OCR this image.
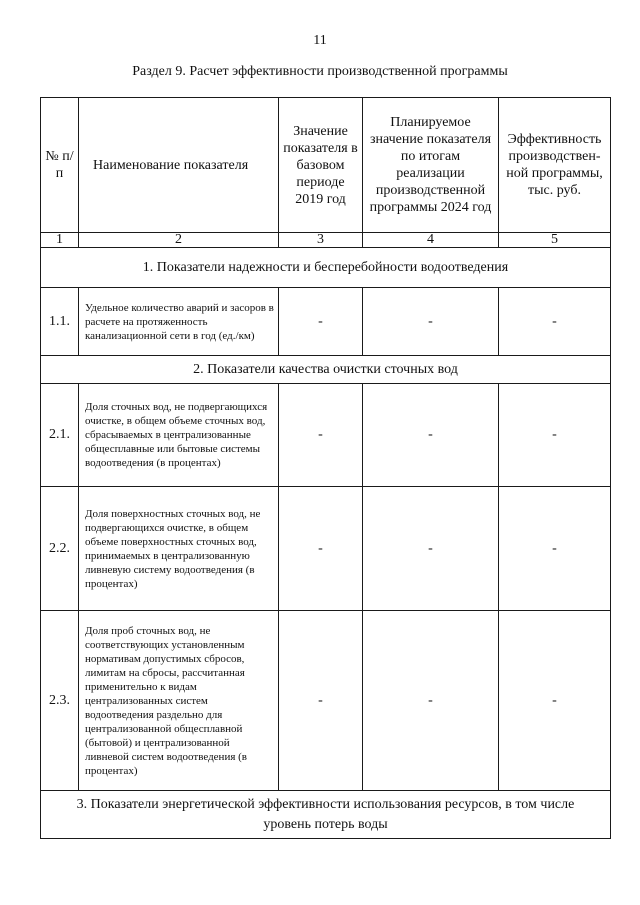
11
Раздел 9. Расчет эффективности производственной программы
№ п/п	Наименование показателя	Значение показателя в базовом периоде 2019 год	Планируемое значение показателя по итогам реализации производственной программы 2024 год	Эффективность производствен-ной программы, тыс. руб.
1	2	3	4	5
1. Показатели надежности и бесперебойности водоотведения				
1.1.	Удельное количество аварий и засоров в расчете на протяженность канализационной сети в год (ед./км)	-	-	-
2. Показатели качества очистки сточных вод				
2.1.	Доля сточных вод, не подвергающихся очистке, в общем объеме сточных вод, сбрасываемых в централизованные общесплавные или бытовые системы водоотведения (в процентах)	-	-	-
2.2.	Доля поверхностных сточных вод, не подвергающихся очистке, в общем объеме поверхностных сточных вод, принимаемых в централизованную ливневую систему водоотведения (в процентах)	-	-	-
2.3.	Доля проб сточных вод, не соответствующих установленным нормативам допустимых сбросов, лимитам на сбросы, рассчитанная применительно к видам централизованных систем водоотведения раздельно для централизованной общесплавной (бытовой) и централизованной ливневой систем водоотведения (в процентах)	-	-	-
3. Показатели энергетической эффективности использования ресурсов, в том числе уровень потерь воды				
